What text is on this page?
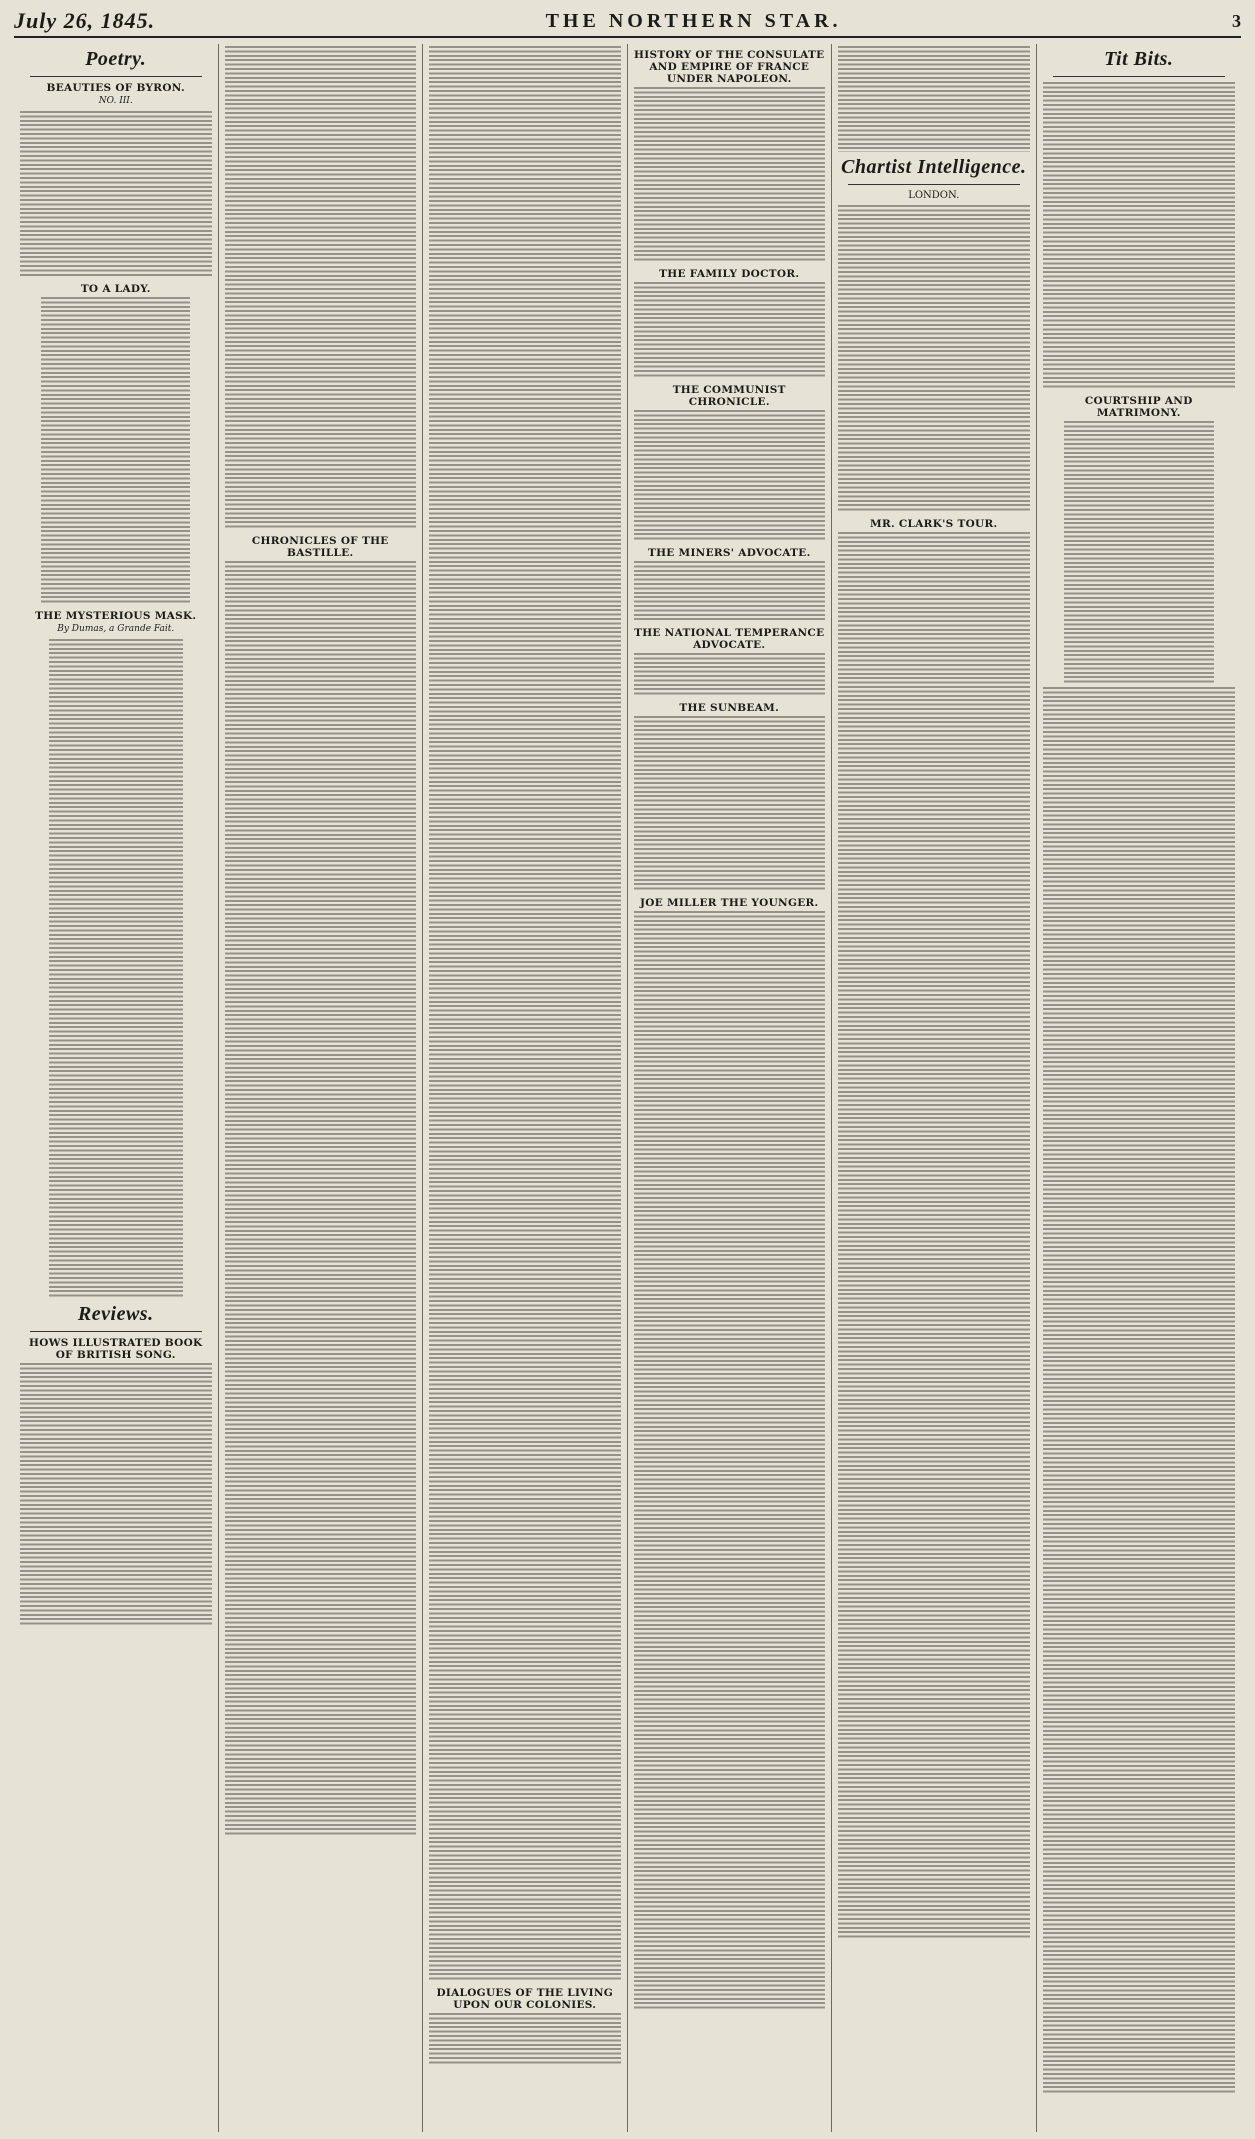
July 26, 1845.	THE NORTHERN STAR.	3
Poetry.
BEAUTIES OF BYRON.
NO. III.
TO A LADY.
THE MYSTERIOUS MASK.
By Dumas, a Grande Fait.
Reviews.
HOWS ILLUSTRATED BOOK OF BRITISH SONG.
CHRONICLES OF THE BASTILLE.
DIALOGUES OF THE LIVING UPON OUR COLONIES.
HISTORY OF THE CONSULATE AND EMPIRE OF FRANCE UNDER NAPOLEON.
THE FAMILY DOCTOR.
THE COMMUNIST CHRONICLE.
THE MINERS' ADVOCATE.
THE NATIONAL TEMPERANCE ADVOCATE.
THE SUNBEAM.
JOE MILLER THE YOUNGER.
Chartist Intelligence.
LONDON.
MR. CLARK'S TOUR.
Tit Bits.
COURTSHIP AND MATRIMONY.
